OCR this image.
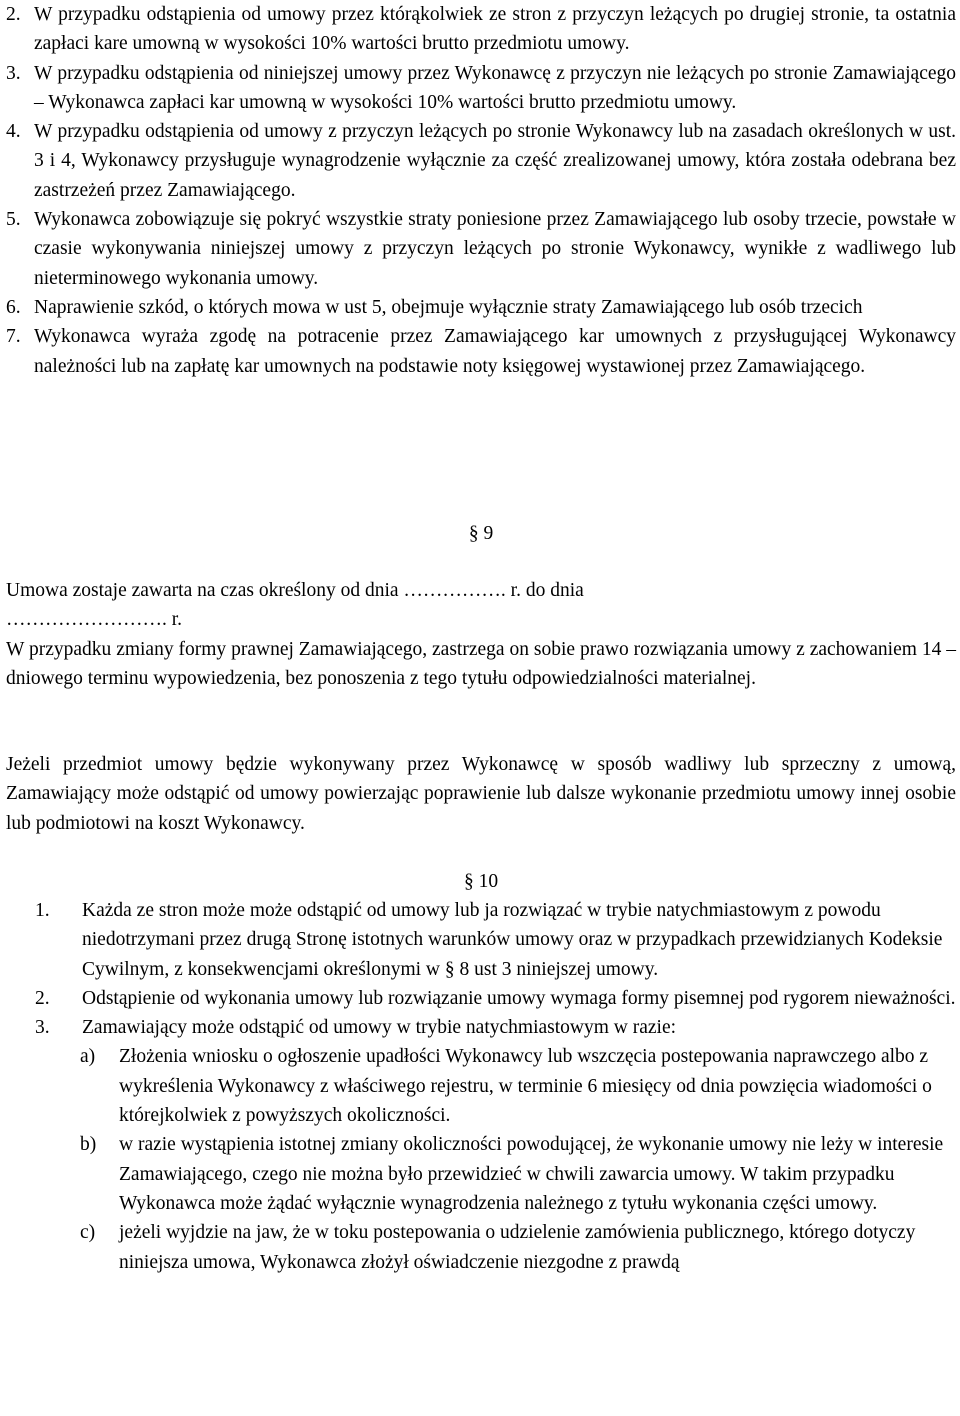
2. W przypadku odstąpienia od umowy przez którąkolwiek ze stron z przyczyn leżących po drugiej stronie, ta ostatnia zapłaci kare umowną w wysokości 10% wartości brutto przedmiotu umowy.

3. W przypadku odstąpienia od niniejszej umowy przez Wykonawcę z przyczyn nie leżących po stronie Zamawiającego – Wykonawca zapłaci kar umowną w wysokości 10% wartości brutto przedmiotu umowy.

4. W przypadku odstąpienia od umowy z przyczyn leżących po stronie Wykonawcy lub na zasadach określonych w ust. 3 i 4, Wykonawcy przysługuje wynagrodzenie wyłącznie za część zrealizowanej umowy, która została odebrana bez zastrzeżeń przez Zamawiającego.

5. Wykonawca zobowiązuje się pokryć wszystkie straty poniesione przez Zamawiającego lub osoby trzecie, powstałe w czasie wykonywania niniejszej umowy z przyczyn leżących po stronie Wykonawcy, wynikłe z wadliwego lub nieterminowego wykonania umowy.

6. Naprawienie szkód, o których mowa w ust 5, obejmuje wyłącznie straty Zamawiającego lub osób trzecich

7. Wykonawca wyraża zgodę na potracenie przez Zamawiającego kar umownych z przysługującej Wykonawcy należności lub na zapłatę kar umownych na podstawie noty księgowej wystawionej przez Zamawiającego.

§ 9

Umowa zostaje zawarta na czas określony od dnia ……………. r. do dnia

……………………. r.

W przypadku zmiany formy prawnej Zamawiającego, zastrzega on sobie prawo rozwiązania umowy z zachowaniem 14 – dniowego terminu wypowiedzenia, bez ponoszenia z tego tytułu odpowiedzialności materialnej.

Jeżeli przedmiot umowy będzie wykonywany przez Wykonawcę w sposób wadliwy lub sprzeczny z umową, Zamawiający może odstąpić od umowy powierzając poprawienie lub dalsze wykonanie przedmiotu umowy innej osobie lub podmiotowi na koszt Wykonawcy.

§ 10

1. Każda ze stron może może odstąpić od umowy lub ja rozwiązać w trybie natychmiastowym z powodu niedotrzymani przez drugą Stronę istotnych warunków umowy oraz w przypadkach przewidzianych Kodeksie Cywilnym, z konsekwencjami określonymi w § 8 ust 3 niniejszej umowy.

2. Odstąpienie od wykonania umowy lub rozwiązanie umowy wymaga formy pisemnej pod rygorem nieważności.

3. Zamawiający może odstąpić od umowy w trybie natychmiastowym w razie:

a) Złożenia wniosku o ogłoszenie upadłości Wykonawcy lub wszczęcia postepowania naprawczego albo z wykreślenia Wykonawcy z właściwego rejestru, w terminie 6 miesięcy od dnia powzięcia wiadomości o którejkolwiek z powyższych okoliczności.

b) w razie wystąpienia istotnej zmiany okoliczności powodującej, że wykonanie umowy nie leży w interesie Zamawiającego, czego nie można było przewidzieć w chwili zawarcia umowy. W takim przypadku Wykonawca może żądać wyłącznie wynagrodzenia należnego z tytułu wykonania części umowy.

c) jeżeli wyjdzie na jaw, że w toku postepowania o udzielenie zamówienia publicznego, którego dotyczy niniejsza umowa, Wykonawca złożył oświadczenie niezgodne z prawdą
